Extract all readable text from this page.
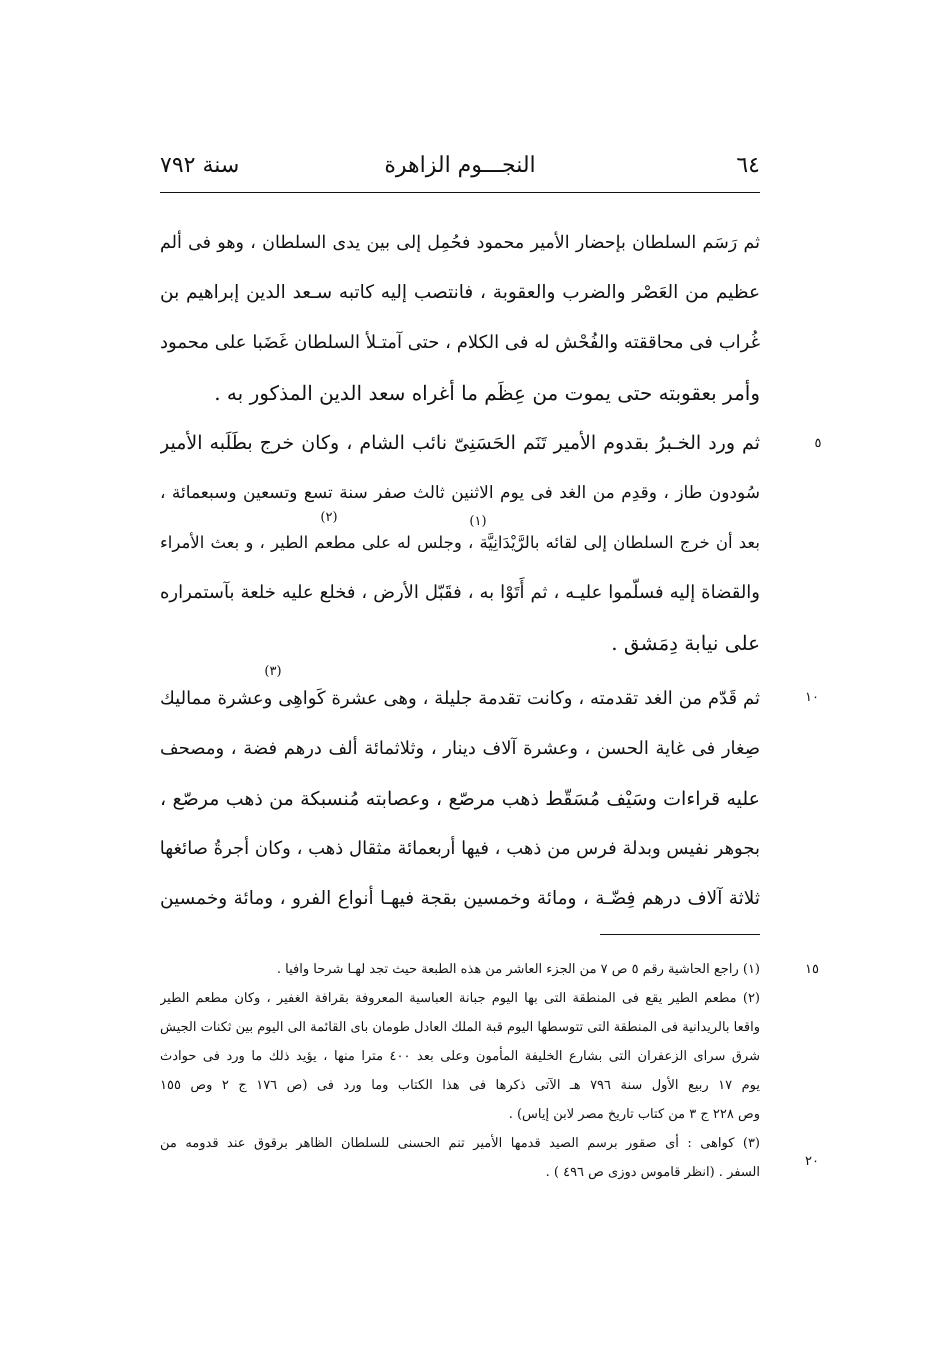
٦٤
النجـــوم الزاهرة
سنة ٧٩٢
ثم رَسَم السلطان بإحضار الأمير محمود فحُمِل إلى بين يدى السلطان ، وهو فى ألم
عظيم من العَصْر والضرب والعقوبة ، فانتصب إليه كاتبه سـعد الدين إبراهيم بن
غُراب فى محاققته والفُحْش له فى الكلام ، حتى آمتـلأ السلطان غَضَبا على محمود
وأمر بعقوبته حتى يموت من عِظَم ما أغراه سعد الدين المذكور به .
ثم ورد الخـبرُ بقدوم الأمير تَنَم الحَسَنِىّ نائب الشام ، وكان خرج بطَلَبه الأمير
سُودون طاز ، وقدِم من الغد فى يوم الاثنين ثالث صفر سنة تسع وتسعين وسبعمائة ،
بعد أن خرج السلطان إلى لقائه بالرَّيْدَانِيَّة ، وجلس له على مطعم الطير ، و بعث الأمراء
والقضاة إليه فسلّموا عليـه ، ثم أَتَوْا به ، فقَبّل الأرض ، فخلع عليه خلعة بآستمراره
على نيابة دِمَشق .
ثم قَدّم من الغد تقدمته ، وكانت تقدمة جليلة ، وهى عشرة كَواهِى وعشرة مماليك
صِغار فى غاية الحسن ، وعشرة آلاف دينار ، وثلاثمائة ألف درهم فضة ، ومصحف
عليه قراءات وسَيْف مُسَقّط ذهب مرصّع ، وعصابته مُنسبكة من ذهب مرصّع ،
بجوهر نفيس وبدلة فرس من ذهب ، فيها أربعمائة مثقال ذهب ، وكان أجرةُ صائغها
ثلاثة آلاف درهم فِضّـة ، ومائة وخمسين بقجة فيهـا أنواع الفرو ، ومائة وخمسين
(١)
(٢)
(٣)
٥
١٠
١٥
٢٠
(١) راجع الحاشية رقم ٥ ص ٧ من الجزء العاشر من هذه الطبعة حيث تجد لهـا شرحا وافيا .
(٢) مطعم الطير يقع فى المنطقة التى بها اليوم جبانة العباسية المعروفة بقرافة الغفير ، وكان مطعم الطير
واقعا بالريدانية فى المنطقة التى تتوسطها اليوم قبة الملك العادل طومان باى القائمة الى اليوم بين ثكنات الجيش
شرق سراى الزعفران التى بشارع الخليفة المأمون وعلى بعد ٤٠٠ مترا منها ، يؤيد ذلك ما ورد فى حوادث
يوم ١٧ ربيع الأول سنة ٧٩٦ هـ الآتى ذكرها فى هذا الكتاب وما ورد فى (ص ١٧٦ ج ٢ وص ١٥٥
وص ٢٢٨ ج ٣ من كتاب تاريخ مصر لابن إياس) .
(٣) كواهى : أى صقور برسم الصيد قدمها الأمير تنم الحسنى للسلطان الظاهر برقوق عند قدومه من
السفر . (انظر قاموس دوزى ص ٤٩٦ ) .
